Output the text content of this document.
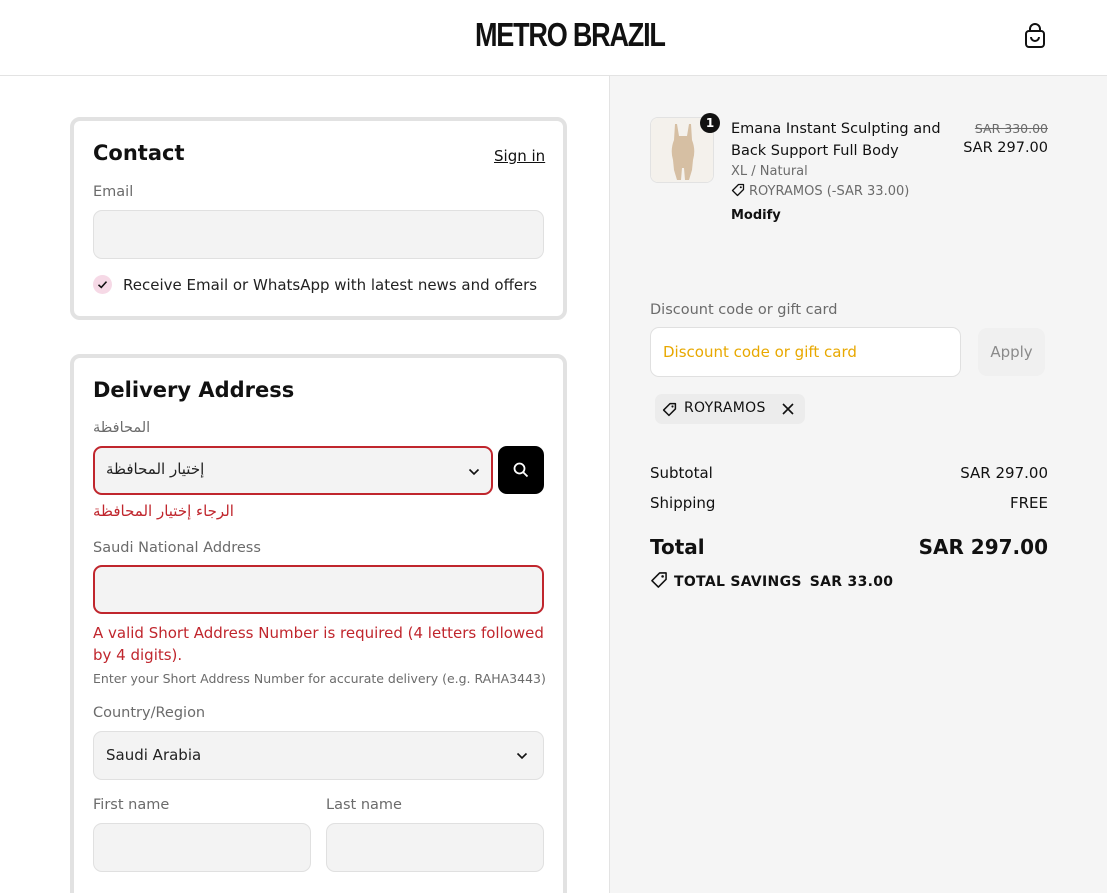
METRO BRAZIL
Contact	Sign in
Email
Receive Email or WhatsApp with latest news and offers
Delivery Address
المحافظة
إختيار المحافظة
الرجاء إختيار المحافظة
Saudi National Address
A valid Short Address Number is required (4 letters followed by 4 digits).
Enter your Short Address Number for accurate delivery (e.g. RAHA3443)
Country/Region
Saudi Arabia
First name	Last name
1	Emana Instant Sculpting and Back Support Full Body
XL / Natural
ROYRAMOS (-SAR 33.00)
Modify
SAR 330.00
SAR 297.00
Discount code or gift card
Discount code or gift card	Apply
ROYRAMOS
Subtotal	SAR 297.00
Shipping	FREE
Total	SAR 297.00
TOTAL SAVINGS SAR 33.00
